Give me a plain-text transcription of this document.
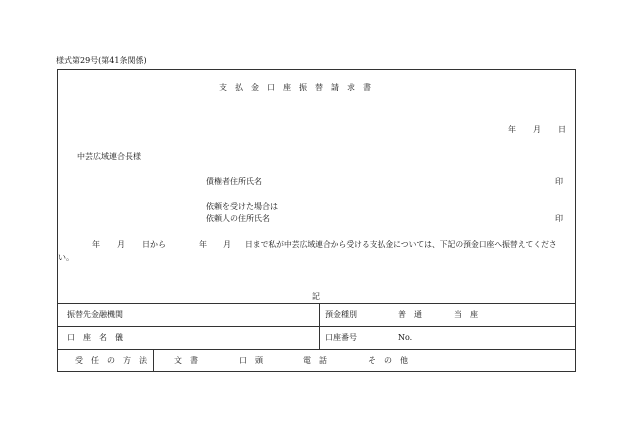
様式第29号(第41条関係)
支　払　金　口　座　振　替　請　求　書
年 月 日
中芸広域連合長様
債権者住所氏名	印
依頼を受けた場合は
依頼人の住所氏名	印
年 月 日から	年 月 日まで私が中芸広域連合から受ける支払金については、下記の預金口座へ振替えてくださ
い。
記
振替先金融機関	預金種別	普　通	当　座
口　座　名　儀	口座番号	No.
受　任　の　方　法	文　書	口　頭	電　話	そ　の　他
